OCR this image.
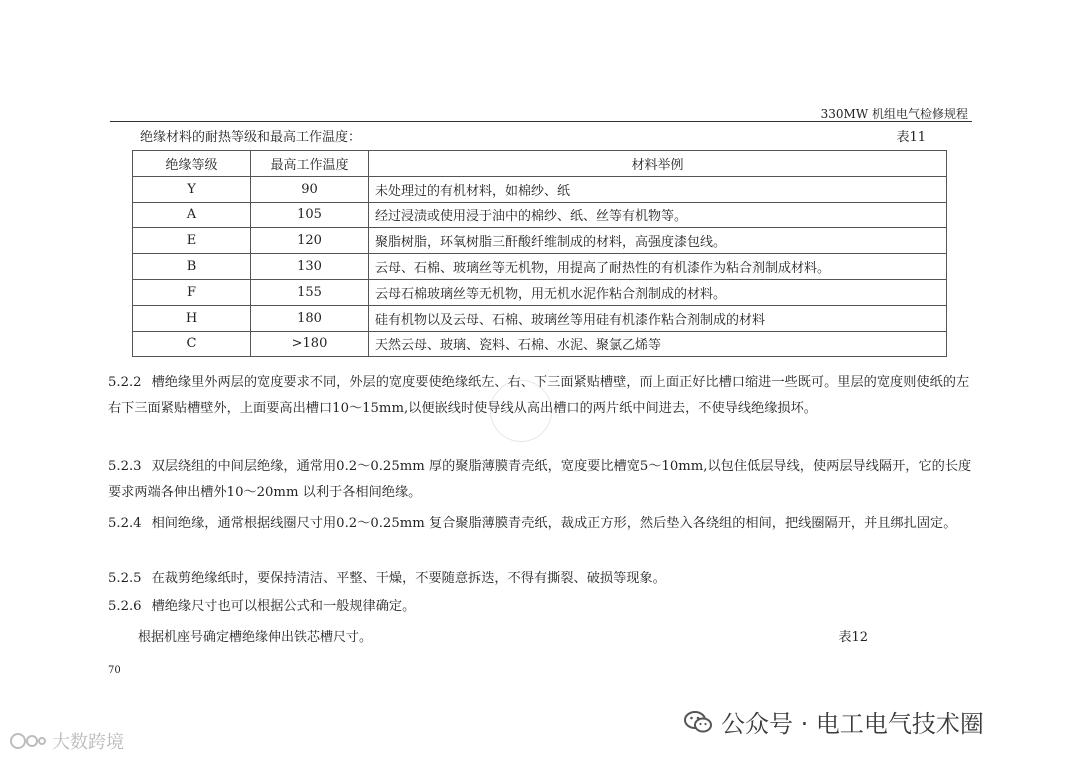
330MW 机组电气检修规程
绝缘材料的耐热等级和最高工作温度：	表11
绝缘等级	最高工作温度	材料举例
Y	90	未处理过的有机材料，如棉纱、纸
A	105	经过浸渍或使用浸于油中的棉纱、纸、丝等有机物等。
E	120	聚脂树脂，环氧树脂三酐酸纤维制成的材料，高强度漆包线。
B	130	云母、石棉、玻璃丝等无机物，用提高了耐热性的有机漆作为粘合剂制成材料。
F	155	云母石棉玻璃丝等无机物，用无机水泥作粘合剂制成的材料。
H	180	硅有机物以及云母、石棉、玻璃丝等用硅有机漆作粘合剂制成的材料
C	>180	天然云母、玻璃、瓷料、石棉、水泥、聚氯乙烯等
5.2.2 槽绝缘里外两层的宽度要求不同，外层的宽度要使绝缘纸左、右、下三面紧贴槽壁，而上面正好比槽口缩进一些既可。里层的宽度则使纸的左右下三面紧贴槽壁外，上面要高出槽口10～15mm,以便嵌线时使导线从高出槽口的两片纸中间进去，不使导线绝缘损坏。
5.2.3 双层绕组的中间层绝缘，通常用0.2～0.25mm 厚的聚脂薄膜青壳纸，宽度要比槽宽5～10mm,以包住低层导线，使两层导线隔开，它的长度要求两端各伸出槽外10～20mm 以利于各相间绝缘。
5.2.4 相间绝缘，通常根据线圈尺寸用0.2～0.25mm 复合聚脂薄膜青壳纸，裁成正方形，然后垫入各绕组的相间，把线圈隔开，并且绑扎固定。
5.2.5 在裁剪绝缘纸时，要保持清洁、平整、干燥，不要随意拆迭，不得有撕裂、破损等现象。
5.2.6 槽绝缘尺寸也可以根据公式和一般规律确定。
根据机座号确定槽绝缘伸出铁芯槽尺寸。	表12
70
大数跨境
公众号 · 电工电气技术圈
